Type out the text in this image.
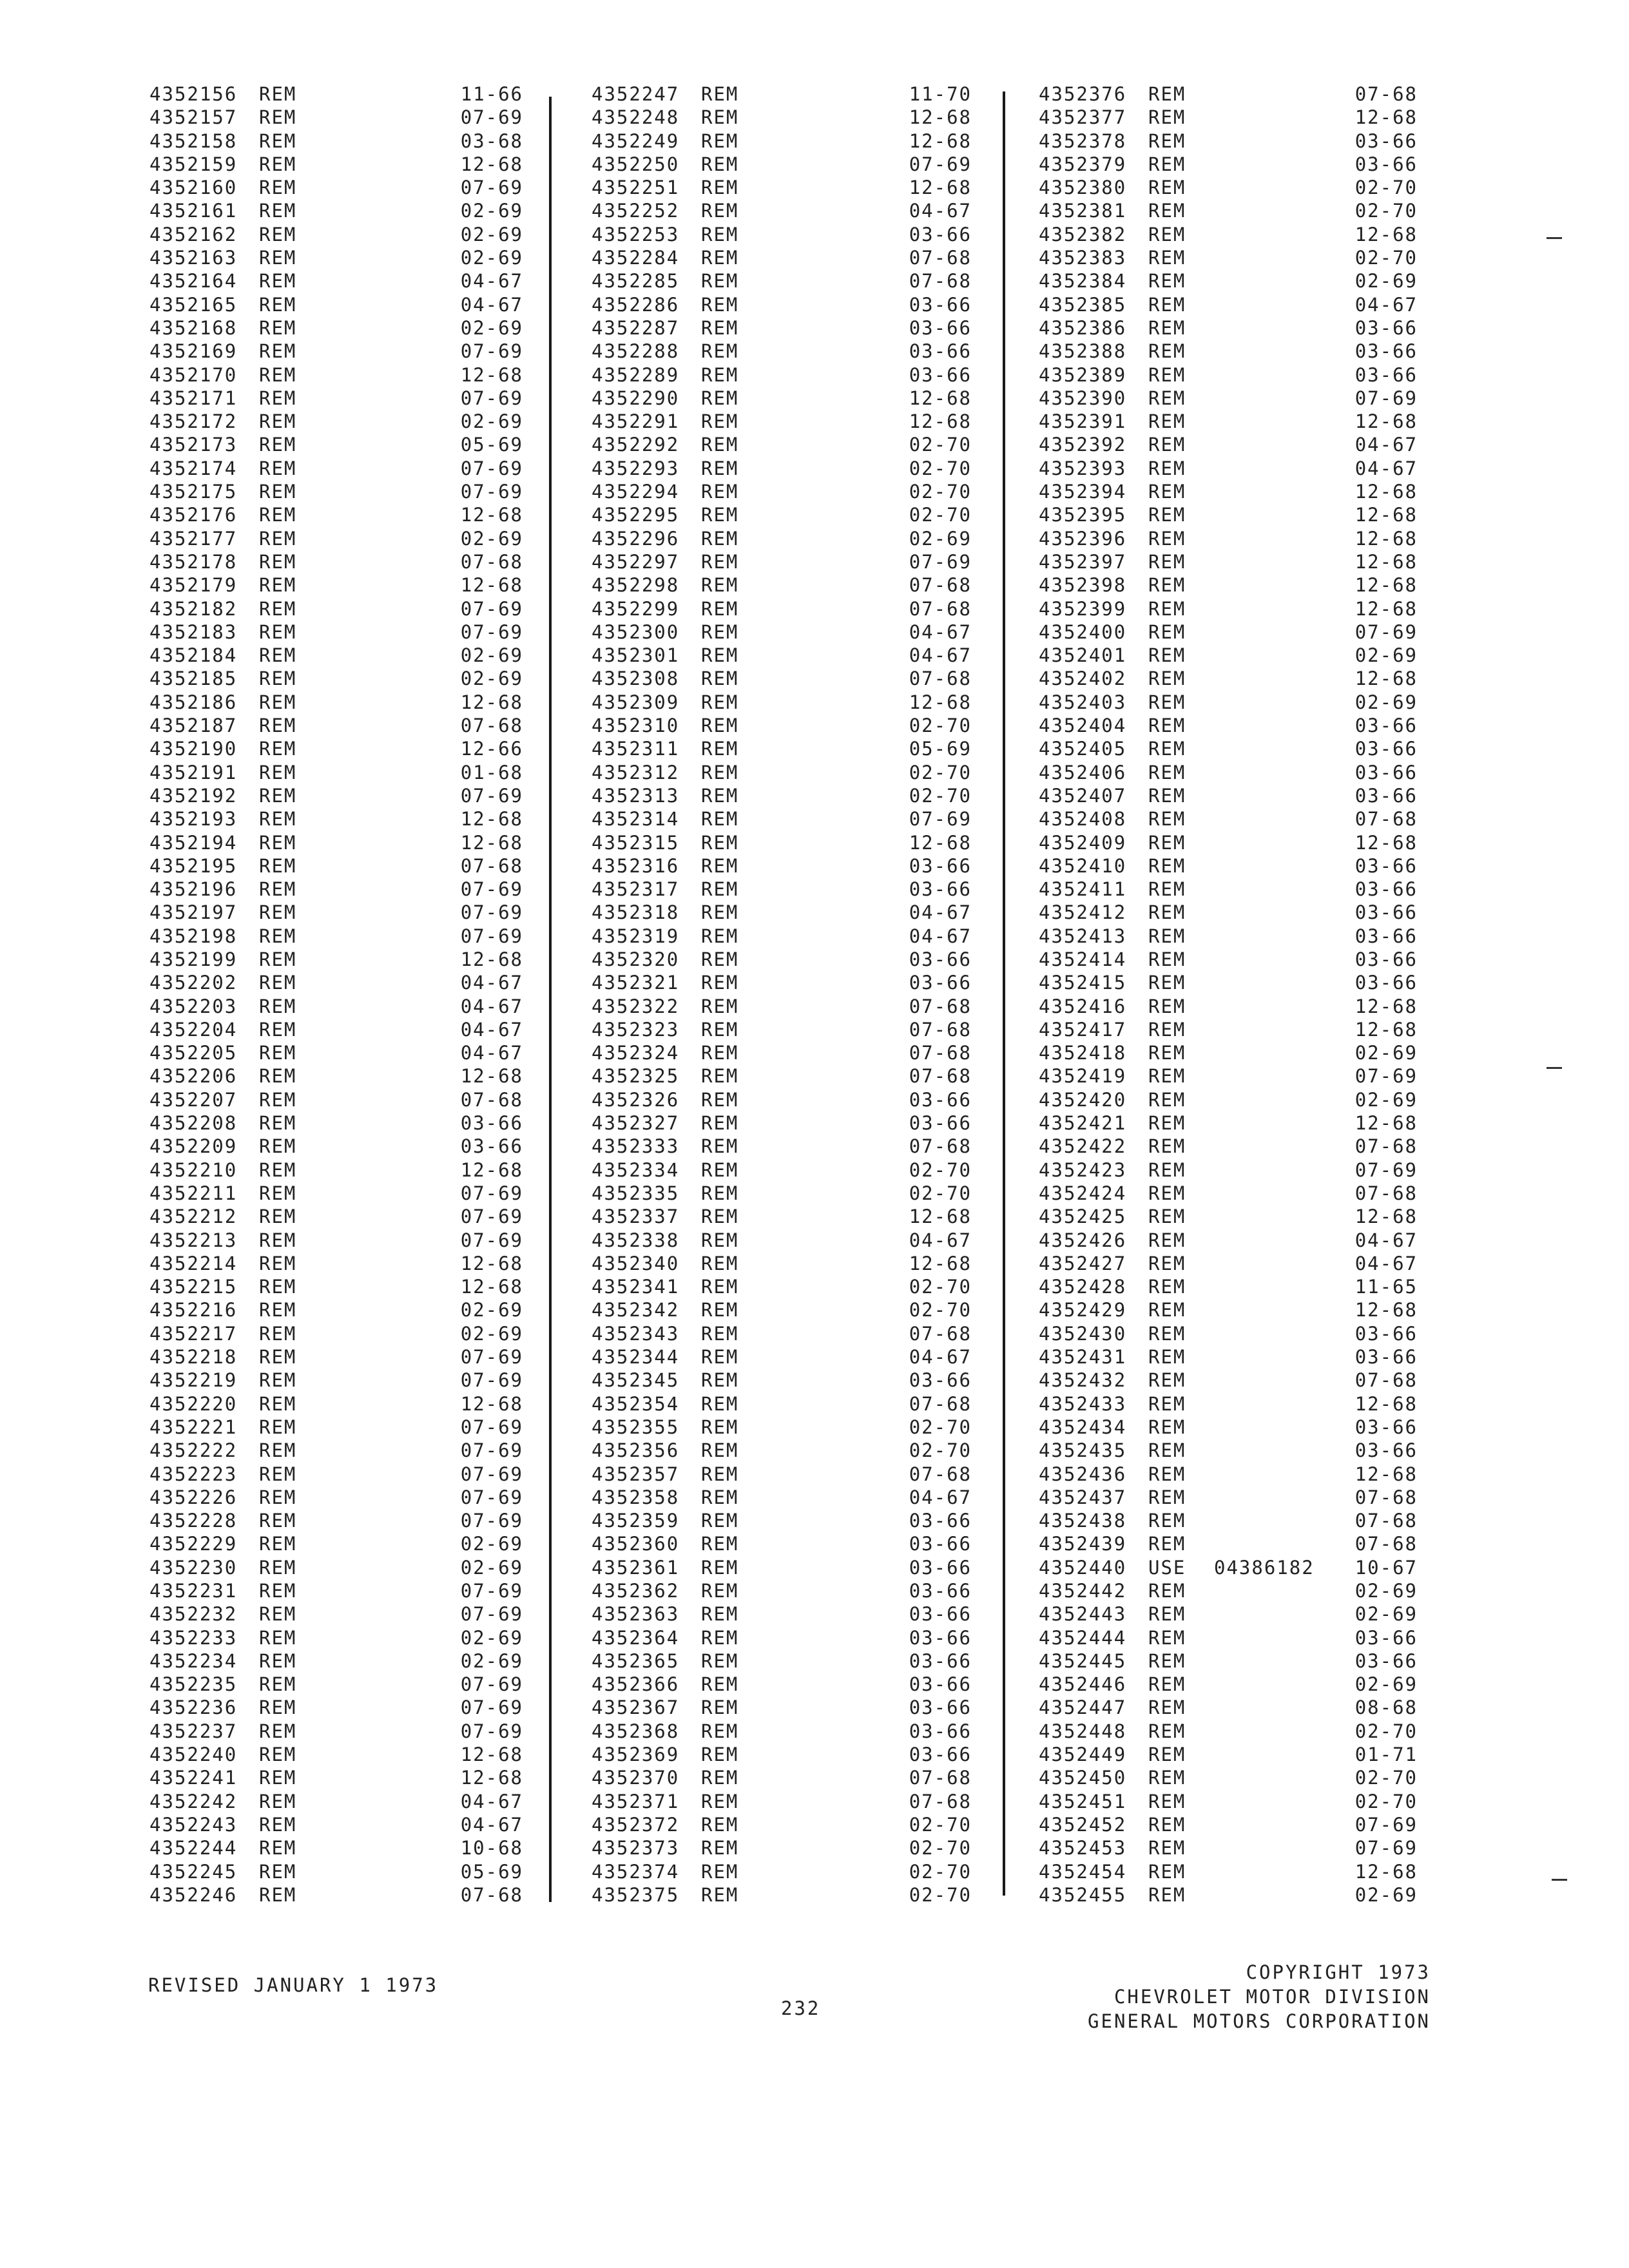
4352156 REM	11-66
4352157 REM	07-69
4352158 REM	03-68
4352159 REM	12-68
4352160 REM	07-69
4352161 REM	02-69
4352162 REM	02-69
4352163 REM	02-69
4352164 REM	04-67
4352165 REM	04-67
4352168 REM	02-69
4352169 REM	07-69
4352170 REM	12-68
4352171 REM	07-69
4352172 REM	02-69
4352173 REM	05-69
4352174 REM	07-69
4352175 REM	07-69
4352176 REM	12-68
4352177 REM	02-69
4352178 REM	07-68
4352179 REM	12-68
4352182 REM	07-69
4352183 REM	07-69
4352184 REM	02-69
4352185 REM	02-69
4352186 REM	12-68
4352187 REM	07-68
4352190 REM	12-66
4352191 REM	01-68
4352192 REM	07-69
4352193 REM	12-68
4352194 REM	12-68
4352195 REM	07-68
4352196 REM	07-69
4352197 REM	07-69
4352198 REM	07-69
4352199 REM	12-68
4352202 REM	04-67
4352203 REM	04-67
4352204 REM	04-67
4352205 REM	04-67
4352206 REM	12-68
4352207 REM	07-68
4352208 REM	03-66
4352209 REM	03-66
4352210 REM	12-68
4352211 REM	07-69
4352212 REM	07-69
4352213 REM	07-69
4352214 REM	12-68
4352215 REM	12-68
4352216 REM	02-69
4352217 REM	02-69
4352218 REM	07-69
4352219 REM	07-69
4352220 REM	12-68
4352221 REM	07-69
4352222 REM	07-69
4352223 REM	07-69
4352226 REM	07-69
4352228 REM	07-69
4352229 REM	02-69
4352230 REM	02-69
4352231 REM	07-69
4352232 REM	07-69
4352233 REM	02-69
4352234 REM	02-69
4352235 REM	07-69
4352236 REM	07-69
4352237 REM	07-69
4352240 REM	12-68
4352241 REM	12-68
4352242 REM	04-67
4352243 REM	04-67
4352244 REM	10-68
4352245 REM	05-69
4352246 REM	07-68
4352247 REM	11-70
4352248 REM	12-68
4352249 REM	12-68
4352250 REM	07-69
4352251 REM	12-68
4352252 REM	04-67
4352253 REM	03-66
4352284 REM	07-68
4352285 REM	07-68
4352286 REM	03-66
4352287 REM	03-66
4352288 REM	03-66
4352289 REM	03-66
4352290 REM	12-68
4352291 REM	12-68
4352292 REM	02-70
4352293 REM	02-70
4352294 REM	02-70
4352295 REM	02-70
4352296 REM	02-69
4352297 REM	07-69
4352298 REM	07-68
4352299 REM	07-68
4352300 REM	04-67
4352301 REM	04-67
4352308 REM	07-68
4352309 REM	12-68
4352310 REM	02-70
4352311 REM	05-69
4352312 REM	02-70
4352313 REM	02-70
4352314 REM	07-69
4352315 REM	12-68
4352316 REM	03-66
4352317 REM	03-66
4352318 REM	04-67
4352319 REM	04-67
4352320 REM	03-66
4352321 REM	03-66
4352322 REM	07-68
4352323 REM	07-68
4352324 REM	07-68
4352325 REM	07-68
4352326 REM	03-66
4352327 REM	03-66
4352333 REM	07-68
4352334 REM	02-70
4352335 REM	02-70
4352337 REM	12-68
4352338 REM	04-67
4352340 REM	12-68
4352341 REM	02-70
4352342 REM	02-70
4352343 REM	07-68
4352344 REM	04-67
4352345 REM	03-66
4352354 REM	07-68
4352355 REM	02-70
4352356 REM	02-70
4352357 REM	07-68
4352358 REM	04-67
4352359 REM	03-66
4352360 REM	03-66
4352361 REM	03-66
4352362 REM	03-66
4352363 REM	03-66
4352364 REM	03-66
4352365 REM	03-66
4352366 REM	03-66
4352367 REM	03-66
4352368 REM	03-66
4352369 REM	03-66
4352370 REM	07-68
4352371 REM	07-68
4352372 REM	02-70
4352373 REM	02-70
4352374 REM	02-70
4352375 REM	02-70
4352376 REM	07-68
4352377 REM	12-68
4352378 REM	03-66
4352379 REM	03-66
4352380 REM	02-70
4352381 REM	02-70
4352382 REM	12-68
4352383 REM	02-70
4352384 REM	02-69
4352385 REM	04-67
4352386 REM	03-66
4352388 REM	03-66
4352389 REM	03-66
4352390 REM	07-69
4352391 REM	12-68
4352392 REM	04-67
4352393 REM	04-67
4352394 REM	12-68
4352395 REM	12-68
4352396 REM	12-68
4352397 REM	12-68
4352398 REM	12-68
4352399 REM	12-68
4352400 REM	07-69
4352401 REM	02-69
4352402 REM	12-68
4352403 REM	02-69
4352404 REM	03-66
4352405 REM	03-66
4352406 REM	03-66
4352407 REM	03-66
4352408 REM	07-68
4352409 REM	12-68
4352410 REM	03-66
4352411 REM	03-66
4352412 REM	03-66
4352413 REM	03-66
4352414 REM	03-66
4352415 REM	03-66
4352416 REM	12-68
4352417 REM	12-68
4352418 REM	02-69
4352419 REM	07-69
4352420 REM	02-69
4352421 REM	12-68
4352422 REM	07-68
4352423 REM	07-69
4352424 REM	07-68
4352425 REM	12-68
4352426 REM	04-67
4352427 REM	04-67
4352428 REM	11-65
4352429 REM	12-68
4352430 REM	03-66
4352431 REM	03-66
4352432 REM	07-68
4352433 REM	12-68
4352434 REM	03-66
4352435 REM	03-66
4352436 REM	12-68
4352437 REM	07-68
4352438 REM	07-68
4352439 REM	07-68
4352440 USE 04386182 10-67
4352442 REM	02-69
4352443 REM	02-69
4352444 REM	03-66
4352445 REM	03-66
4352446 REM	02-69
4352447 REM	08-68
4352448 REM	02-70
4352449 REM	01-71
4352450 REM	02-70
4352451 REM	02-70
4352452 REM	07-69
4352453 REM	07-69
4352454 REM	12-68
4352455 REM	02-69
REVISED JANUARY 1 1973
232
COPYRIGHT 1973
CHEVROLET MOTOR DIVISION
GENERAL MOTORS CORPORATION
